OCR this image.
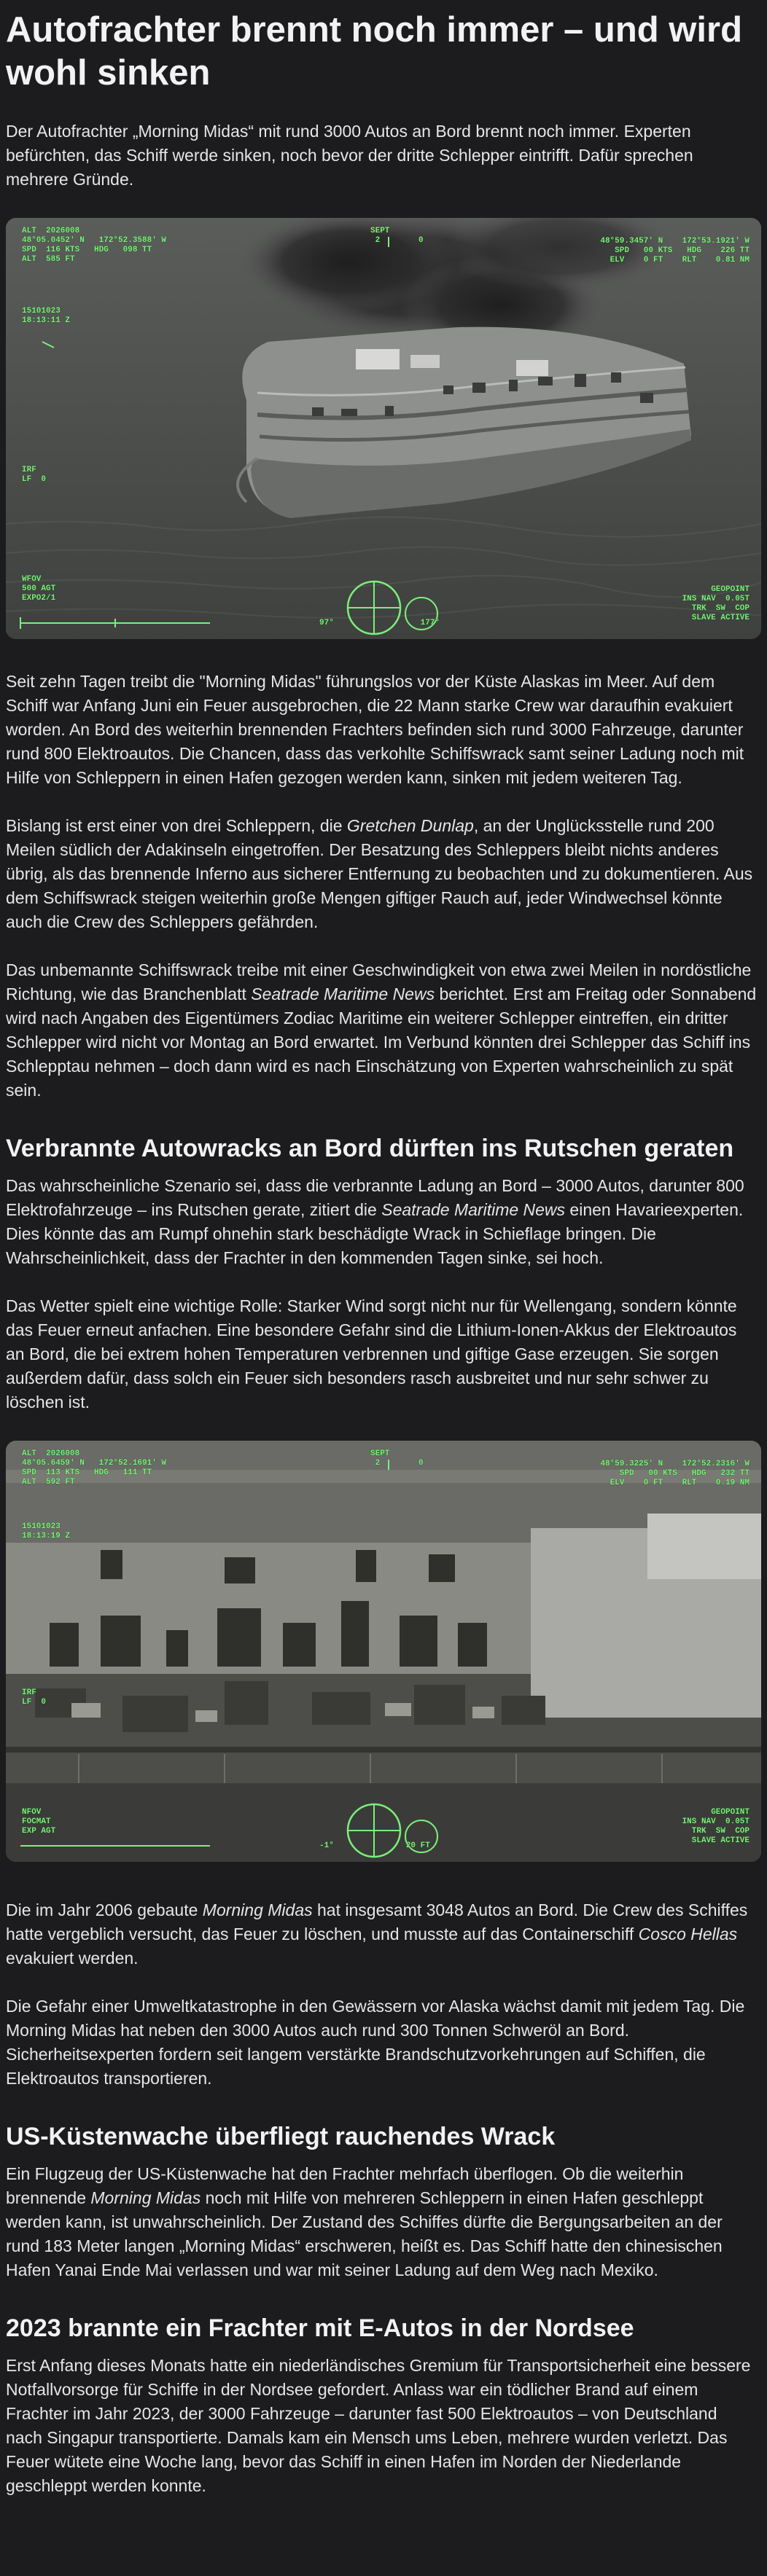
Autofrachter brennt noch immer – und wird wohl sinken

Der Autofrachter „Morning Midas“ mit rund 3000 Autos an Bord brennt noch immer. Experten befürchten, das Schiff werde sinken, noch bevor der dritte Schlepper eintrifft. Dafür sprechen mehrere Gründe.

ALT  2026008
48°05.0452' N   172°52.3588' W
SPD  116 KTS   HDG   098 TT
ALT  585 FT
SEPT
2        0	48°59.3457' N    172°53.1921' W
SPD   00 KTS   HDG    226 TT
ELV    0 FT    RLT    0.81 NM
15101023
18:13:11 Z
IRF
LF  0
WFOV
500 AGT
EXPO2/1
97°                  177°
GEOPOINT
INS NAV  0.05T
TRK  SW  COP
SLAVE ACTIVE

Seit zehn Tagen treibt die "Morning Midas" führungslos vor der Küste Alaskas im Meer. Auf dem Schiff war Anfang Juni ein Feuer ausgebrochen, die 22 Mann starke Crew war daraufhin evakuiert worden. An Bord des weiterhin brennenden Frachters befinden sich rund 3000 Fahrzeuge, darunter rund 800 Elektroautos. Die Chancen, dass das verkohlte Schiffswrack samt seiner Ladung noch mit Hilfe von Schleppern in einen Hafen gezogen werden kann, sinken mit jedem weiteren Tag.

Bislang ist erst einer von drei Schleppern, die Gretchen Dunlap, an der Unglücksstelle rund 200 Meilen südlich der Adakinseln eingetroffen. Der Besatzung des Schleppers bleibt nichts anderes übrig, als das brennende Inferno aus sicherer Entfernung zu beobachten und zu dokumentieren. Aus dem Schiffswrack steigen weiterhin große Mengen giftiger Rauch auf, jeder Windwechsel könnte auch die Crew des Schleppers gefährden.

Das unbemannte Schiffswrack treibe mit einer Geschwindigkeit von etwa zwei Meilen in nordöstliche Richtung, wie das Branchenblatt Seatrade Maritime News berichtet. Erst am Freitag oder Sonnabend wird nach Angaben des Eigentümers Zodiac Maritime ein weiterer Schlepper eintreffen, ein dritter Schlepper wird nicht vor Montag an Bord erwartet. Im Verbund könnten drei Schlepper das Schiff ins Schlepptau nehmen – doch dann wird es nach Einschätzung von Experten wahrscheinlich zu spät sein.

Verbrannte Autowracks an Bord dürften ins Rutschen geraten

Das wahrscheinliche Szenario sei, dass die verbrannte Ladung an Bord – 3000 Autos, darunter 800 Elektrofahrzeuge – ins Rutschen gerate, zitiert die Seatrade Maritime News einen Havarieexperten. Dies könnte das am Rumpf ohnehin stark beschädigte Wrack in Schieflage bringen. Die Wahrscheinlichkeit, dass der Frachter in den kommenden Tagen sinke, sei hoch.

Das Wetter spielt eine wichtige Rolle: Starker Wind sorgt nicht nur für Wellengang, sondern könnte das Feuer erneut anfachen. Eine besondere Gefahr sind die Lithium-Ionen-Akkus der Elektroautos an Bord, die bei extrem hohen Temperaturen verbrennen und giftige Gase erzeugen. Sie sorgen außerdem dafür, dass solch ein Feuer sich besonders rasch ausbreitet und nur sehr schwer zu löschen ist.

ALT  2026008
48°05.6459' N   172°52.1691' W
SPD  113 KTS   HDG   111 TT
ALT  592 FT
SEPT
2        0	48°59.3225' N    172°52.2316' W
SPD   00 KTS   HDG   232 TT
ELV    0 FT    RLT    0.19 NM
15101023
18:13:19 Z
IRF
LF  0
NFOV
FOCMAT
EXP AGT
-1°               20 FT
GEOPOINT
INS NAV  0.05T
TRK  SW  COP
SLAVE ACTIVE

Die im Jahr 2006 gebaute Morning Midas hat insgesamt 3048 Autos an Bord. Die Crew des Schiffes hatte vergeblich versucht, das Feuer zu löschen, und musste auf das Containerschiff Cosco Hellas evakuiert werden.

Die Gefahr einer Umweltkatastrophe in den Gewässern vor Alaska wächst damit mit jedem Tag. Die Morning Midas hat neben den 3000 Autos auch rund 300 Tonnen Schweröl an Bord. Sicherheitsexperten fordern seit langem verstärkte Brandschutzvorkehrungen auf Schiffen, die Elektroautos transportieren.

US-Küstenwache überfliegt rauchendes Wrack

Ein Flugzeug der US-Küstenwache hat den Frachter mehrfach überflogen. Ob die weiterhin brennende Morning Midas noch mit Hilfe von mehreren Schleppern in einen Hafen geschleppt werden kann, ist unwahrscheinlich. Der Zustand des Schiffes dürfte die Bergungsarbeiten an der rund 183 Meter langen „Morning Midas“ erschweren, heißt es. Das Schiff hatte den chinesischen Hafen Yanai Ende Mai verlassen und war mit seiner Ladung auf dem Weg nach Mexiko.

2023 brannte ein Frachter mit E-Autos in der Nordsee

Erst Anfang dieses Monats hatte ein niederländisches Gremium für Transportsicherheit eine bessere Notfallvorsorge für Schiffe in der Nordsee gefordert. Anlass war ein tödlicher Brand auf einem Frachter im Jahr 2023, der 3000 Fahrzeuge – darunter fast 500 Elektroautos – von Deutschland nach Singapur transportierte. Damals kam ein Mensch ums Leben, mehrere wurden verletzt. Das Feuer wütete eine Woche lang, bevor das Schiff in einen Hafen im Norden der Niederlande geschleppt werden konnte.
